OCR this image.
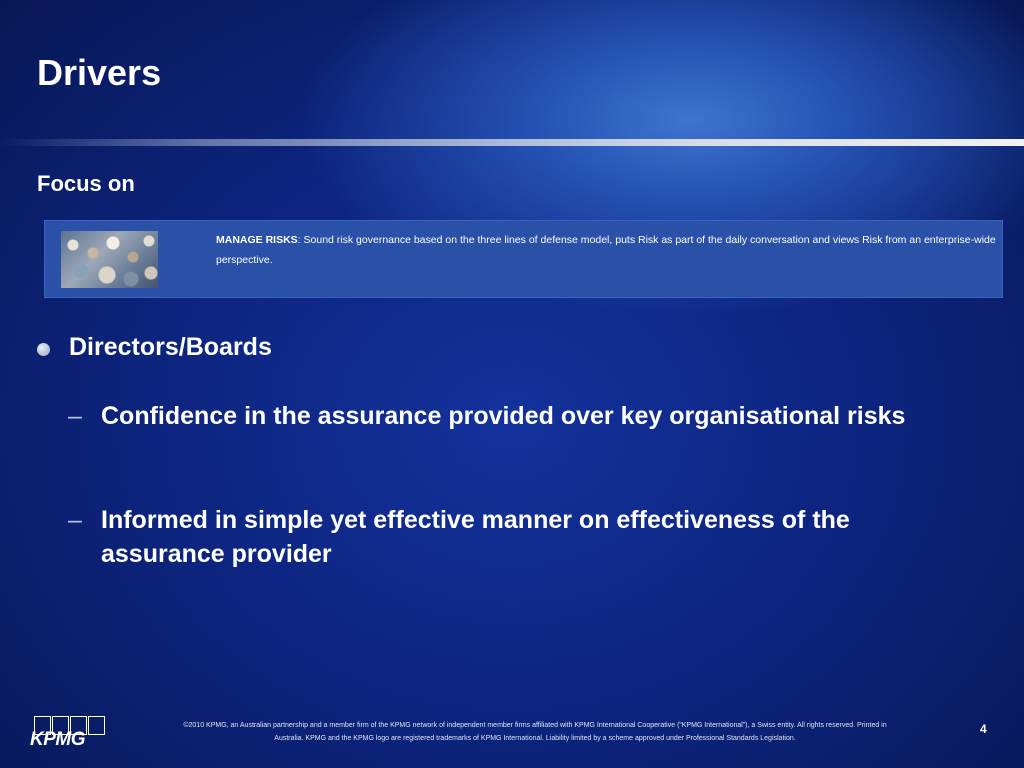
Drivers
Focus on
MANAGE RISKS: Sound risk governance based on the three lines of defense model, puts Risk as part of the daily conversation and views Risk from an enterprise-wide perspective.
Directors/Boards
– Confidence in the assurance provided over key organisational risks
– Informed in simple yet effective manner on effectiveness of the assurance provider
KPMG
©2010 KPMG, an Australian partnership and a member firm of the KPMG network of independent member firms affiliated with KPMG International Cooperative (“KPMG International”), a Swiss entity. All rights reserved. Printed in
Australia. KPMG and the KPMG logo are registered trademarks of KPMG International. Liability limited by a scheme approved under Professional Standards Legislation.
4
